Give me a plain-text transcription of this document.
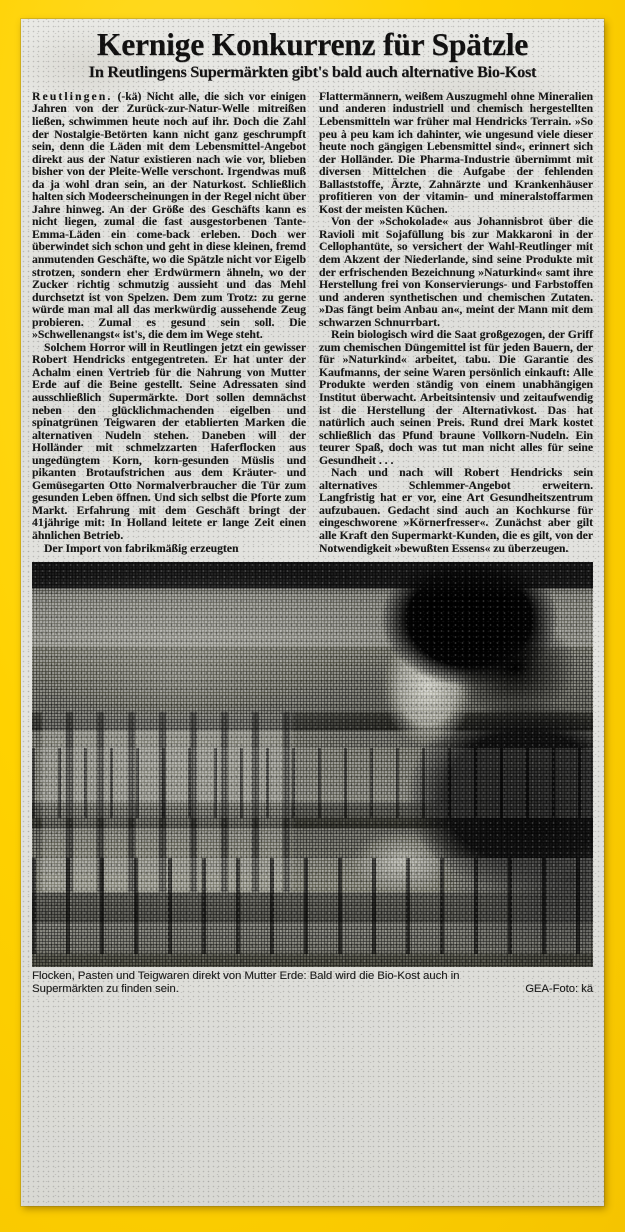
Kernige Konkurrenz für Spätzle
In Reutlingens Supermärkten gibt's bald auch alternative Bio-Kost

Reutlingen. (-kä) Nicht alle, die sich vor einigen Jahren von der Zurück-zur-Natur-Welle mitreißen ließen, schwimmen heute noch auf ihr. Doch die Zahl der Nostalgie-Betörten kann nicht ganz geschrumpft sein, denn die Läden mit dem Lebensmittel-Angebot direkt aus der Natur existieren nach wie vor, blieben bisher von der Pleite-Welle verschont. Irgendwas muß da ja wohl dran sein, an der Naturkost. Schließlich halten sich Modeerscheinungen in der Regel nicht über Jahre hinweg. An der Größe des Geschäfts kann es nicht liegen, zumal die fast ausgestorbenen Tante-Emma-Läden ein come-back erleben. Doch wer überwindet sich schon und geht in diese kleinen, fremd anmutenden Geschäfte, wo die Spätzle nicht vor Eigelb strotzen, sondern eher Erdwürmern ähneln, wo der Zucker richtig schmutzig aussieht und das Mehl durchsetzt ist von Spelzen. Dem zum Trotz: zu gerne würde man mal all das merkwürdig aussehende Zeug probieren. Zumal es gesund sein soll. Die »Schwellenangst« ist's, die dem im Wege steht.

Solchem Horror will in Reutlingen jetzt ein gewisser Robert Hendricks entgegentreten. Er hat unter der Achalm einen Vertrieb für die Nahrung von Mutter Erde auf die Beine gestellt. Seine Adressaten sind ausschließlich Supermärkte. Dort sollen demnächst neben den glücklichmachenden eigelben und spinatgrünen Teigwaren der etablierten Marken die alternativen Nudeln stehen. Daneben will der Holländer mit schmelzzarten Haferflocken aus ungedüngtem Korn, korn-gesunden Müslis und pikanten Brotaufstrichen aus dem Kräuter- und Gemüsegarten Otto Normalverbraucher die Tür zum gesunden Leben öffnen. Und sich selbst die Pforte zum Markt. Erfahrung mit dem Geschäft bringt der 41jährige mit: In Holland leitete er lange Zeit einen ähnlichen Betrieb.

Der Import von fabrikmäßig erzeugten

Flattermännern, weißem Auszugmehl ohne Mineralien und anderen industriell und chemisch hergestellten Lebensmitteln war früher mal Hendricks Terrain. »So peu à peu kam ich dahinter, wie ungesund viele dieser heute noch gängigen Lebensmittel sind«, erinnert sich der Holländer. Die Pharma-Industrie übernimmt mit diversen Mittelchen die Aufgabe der fehlenden Ballaststoffe, Ärzte, Zahnärzte und Krankenhäuser profitieren von der vitamin- und mineralstoffarmen Kost der meisten Küchen.

Von der »Schokolade« aus Johannisbrot über die Ravioli mit Sojafüllung bis zur Makkaroni in der Cellophantüte, so versichert der Wahl-Reutlinger mit dem Akzent der Niederlande, sind seine Produkte mit der erfrischenden Bezeichnung »Naturkind« samt ihre Herstellung frei von Konservierungs- und Farbstoffen und anderen synthetischen und chemischen Zutaten. »Das fängt beim Anbau an«, meint der Mann mit dem schwarzen Schnurrbart.

Rein biologisch wird die Saat großgezogen, der Griff zum chemischen Düngemittel ist für jeden Bauern, der für »Naturkind« arbeitet, tabu. Die Garantie des Kaufmanns, der seine Waren persönlich einkauft: Alle Produkte werden ständig von einem unabhängigen Institut überwacht. Arbeitsintensiv und zeitaufwendig ist die Herstellung der Alternativkost. Das hat natürlich auch seinen Preis. Rund drei Mark kostet schließlich das Pfund braune Vollkorn-Nudeln. Ein teurer Spaß, doch was tut man nicht alles für seine Gesundheit . . .

Nach und nach will Robert Hendricks sein alternatives Schlemmer-Angebot erweitern. Langfristig hat er vor, eine Art Gesundheitszentrum aufzubauen. Gedacht sind auch an Kochkurse für eingeschworene »Körnerfresser«. Zunächst aber gilt alle Kraft den Supermarkt-Kunden, die es gilt, von der Notwendigkeit »bewußten Essens« zu überzeugen.

Flocken, Pasten und Teigwaren direkt von Mutter Erde: Bald wird die Bio-Kost auch in

Supermärkten zu finden sein.	GEA-Foto: kä
